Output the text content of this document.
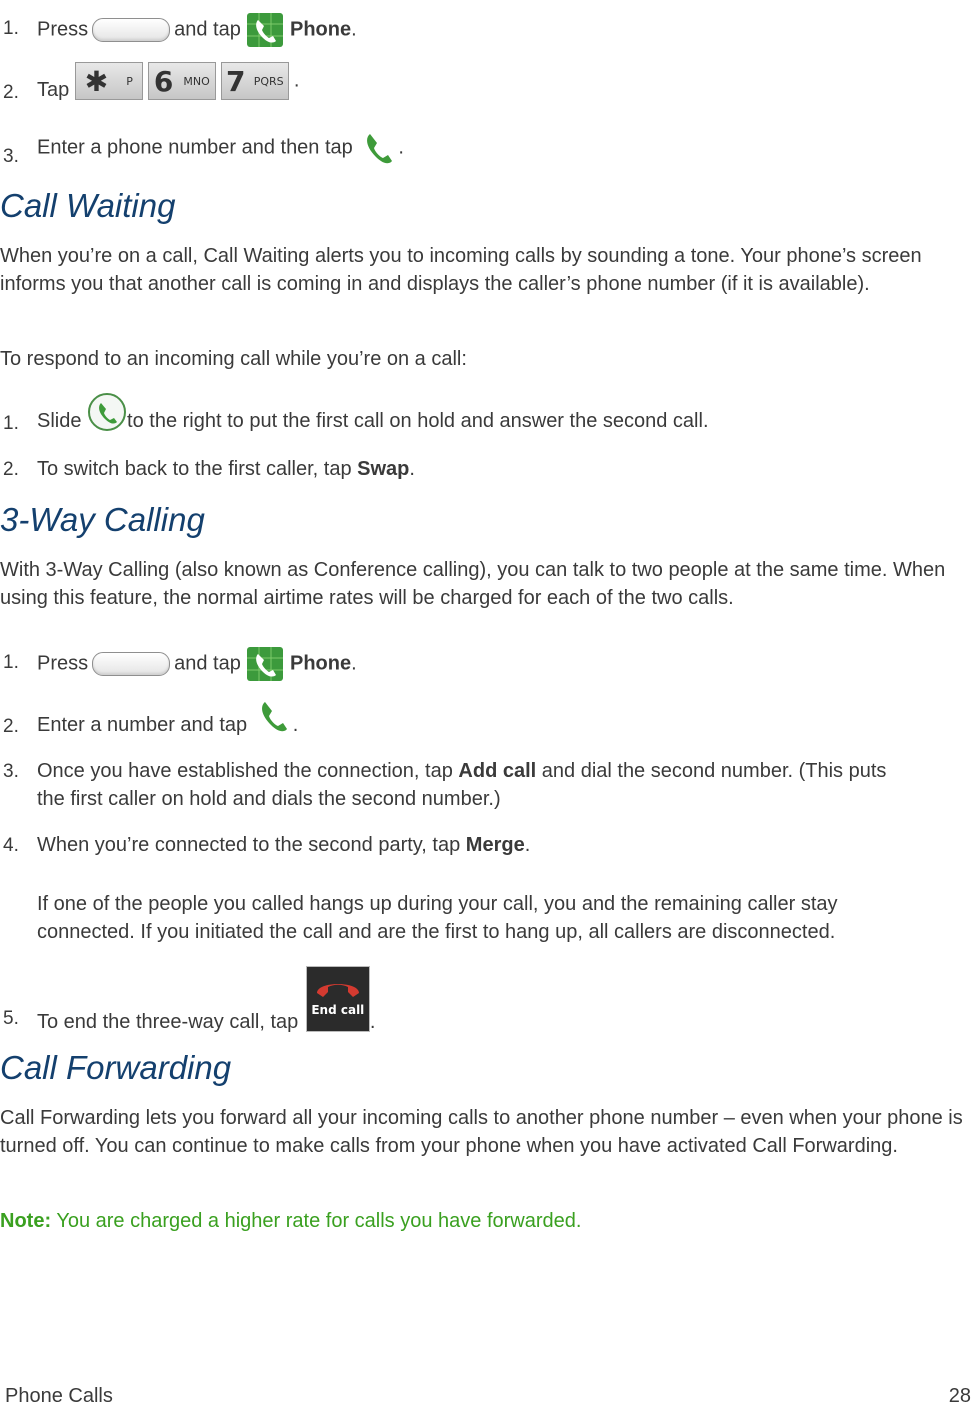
1. Press	and tap Phone.
2. Tap ✱ P 6 MNO 7 PQRS .
3. Enter a phone number and then tap .
Call Waiting
When you’re on a call, Call Waiting alerts you to incoming calls by sounding a tone. Your phone’s screen informs you that another call is coming in and displays the caller’s phone number (if it is available).
To respond to an incoming call while you’re on a call:
1. Slide to the right to put the first call on hold and answer the second call.
2. To switch back to the first caller, tap Swap.
3-Way Calling
With 3-Way Calling (also known as Conference calling), you can talk to two people at the same time. When using this feature, the normal airtime rates will be charged for each of the two calls.
1. Press	and tap Phone.
2. Enter a number and tap .
3. Once you have established the connection, tap Add call and dial the second number. (This puts
the first caller on hold and dials the second number.)
4. When you’re connected to the second party, tap Merge.
If one of the people you called hangs up during your call, you and the remaining caller stay connected. If you initiated the call and are the first to hang up, all callers are disconnected.
5. To end the three-way call, tap
End call
.
Call Forwarding
Call Forwarding lets you forward all your incoming calls to another phone number – even when your phone is turned off. You can continue to make calls from your phone when you have activated Call Forwarding.
Note: You are charged a higher rate for calls you have forwarded.
Phone Calls	28
